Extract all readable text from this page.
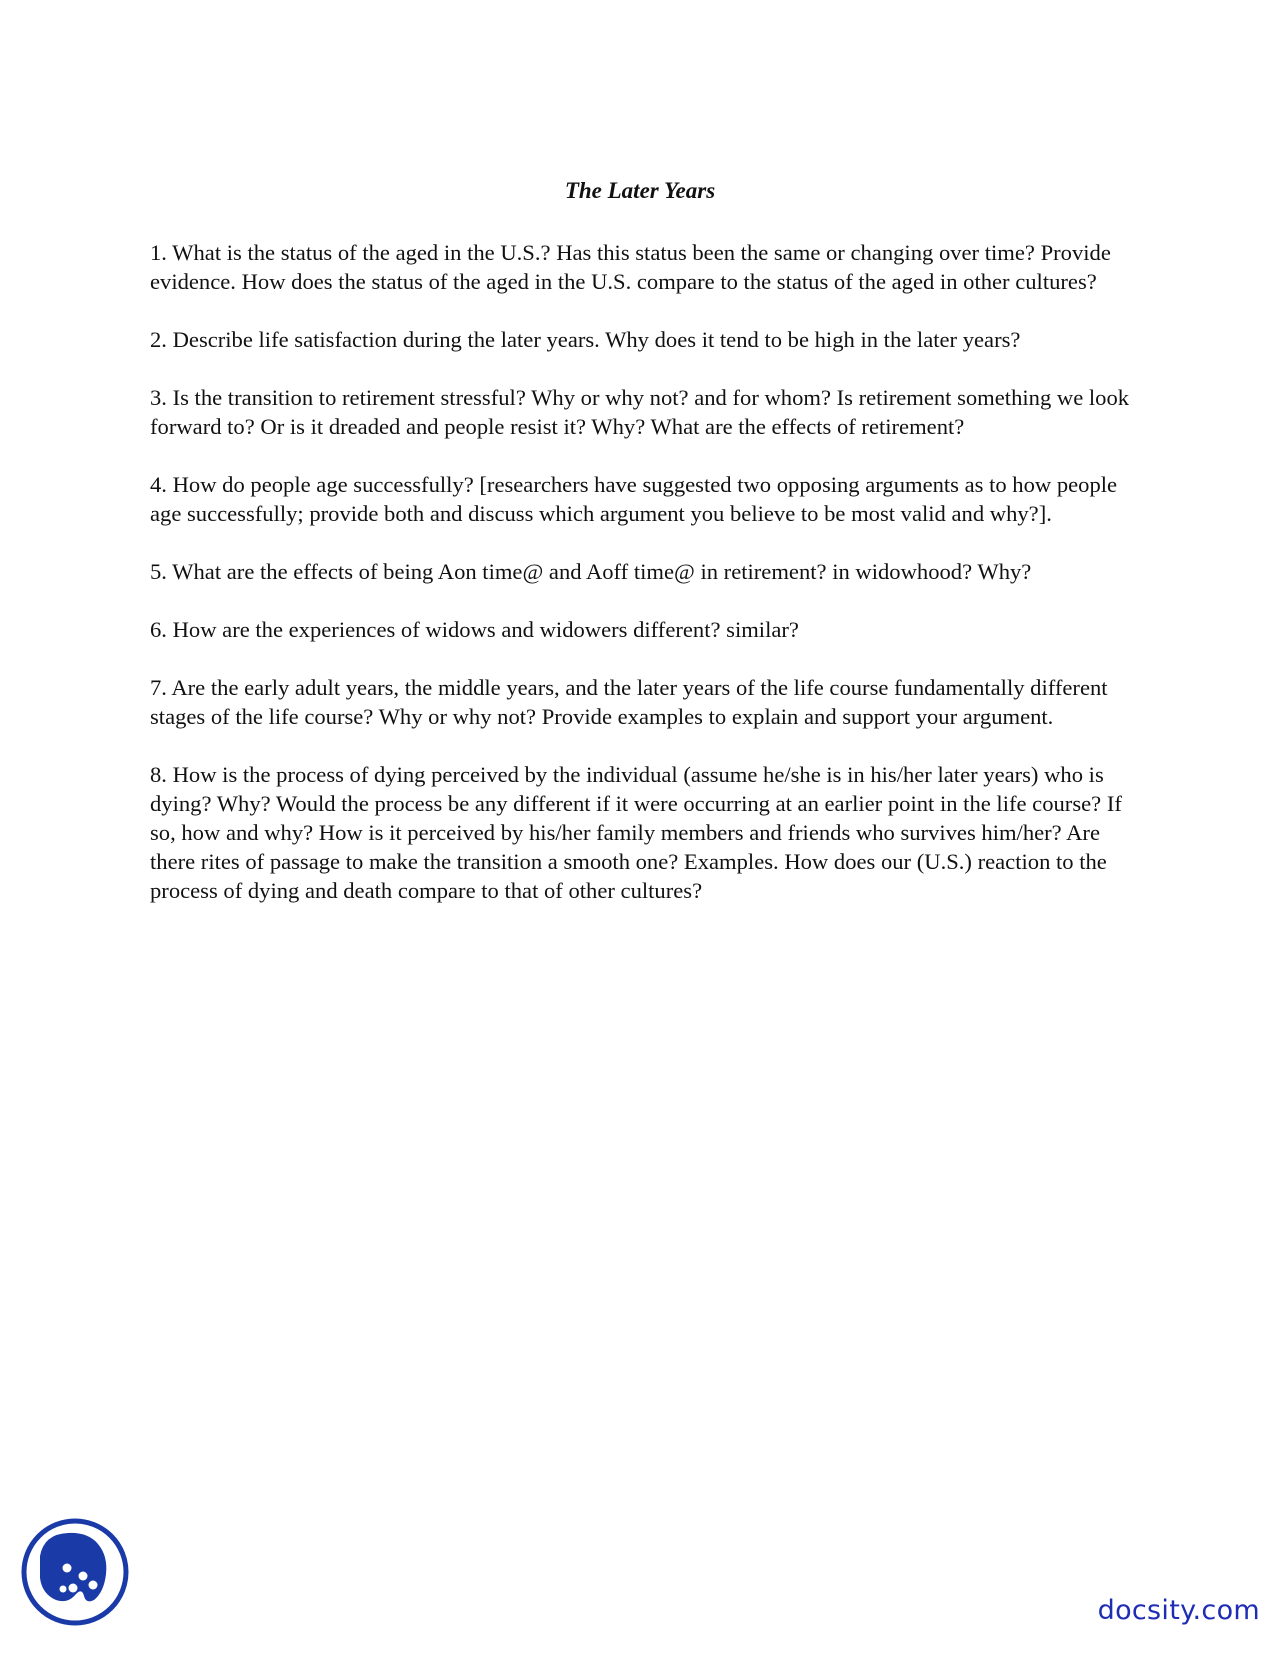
The Later Years

1. What is the status of the aged in the U.S.? Has this status been the same or changing over time? Provide evidence. How does the status of the aged in the U.S. compare to the status of the aged in other cultures?

2. Describe life satisfaction during the later years. Why does it tend to be high in the later years?

3. Is the transition to retirement stressful? Why or why not? and for whom? Is retirement something we look forward to? Or is it dreaded and people resist it? Why? What are the effects of retirement?

4. How do people age successfully? [researchers have suggested two opposing arguments as to how people age successfully; provide both and discuss which argument you believe to be most valid and why?].

5. What are the effects of being Aon time@ and Aoff time@ in retirement? in widowhood? Why?

6. How are the experiences of widows and widowers different? similar?

7. Are the early adult years, the middle years, and the later years of the life course fundamentally different stages of the life course? Why or why not? Provide examples to explain and support your argument.

8. How is the process of dying perceived by the individual (assume he/she is in his/her later years) who is dying? Why? Would the process be any different if it were occurring at an earlier point in the life course? If so, how and why? How is it perceived by his/her family members and friends who survives him/her? Are there rites of passage to make the transition a smooth one? Examples. How does our (U.S.) reaction to the process of dying and death compare to that of other cultures?

docsity.com
